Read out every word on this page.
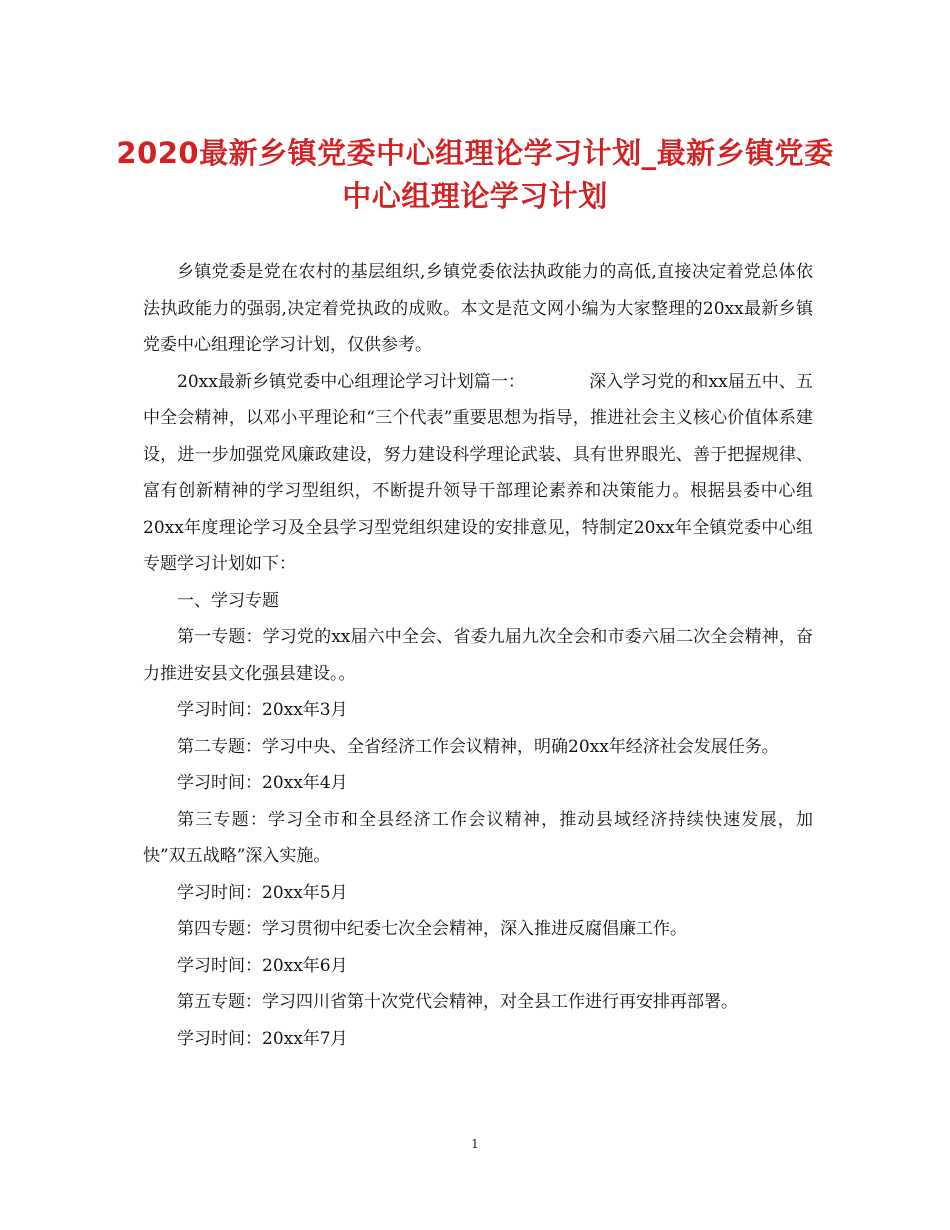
2020最新乡镇党委中心组理论学习计划_最新乡镇党委
中心组理论学习计划

乡镇党委是党在农村的基层组织,乡镇党委依法执政能力的高低,直接决定着党总体依法执政能力的强弱,决定着党执政的成败。本文是范文网小编为大家整理的20xx最新乡镇党委中心组理论学习计划，仅供参考。

20xx最新乡镇党委中心组理论学习计划篇一：	深入学习党的和xx届五中、五中全会精神，以邓小平理论和“三个代表”重要思想为指导，推进社会主义核心价值体系建设，进一步加强党风廉政建设，努力建设科学理论武装、具有世界眼光、善于把握规律、富有创新精神的学习型组织，不断提升领导干部理论素养和决策能力。根据县委中心组20xx年度理论学习及全县学习型党组织建设的安排意见，特制定20xx年全镇党委中心组专题学习计划如下：

一、学习专题

第一专题：学习党的xx届六中全会、省委九届九次全会和市委六届二次全会精神，奋力推进安县文化强县建设。。

学习时间：20xx年3月

第二专题：学习中央、全省经济工作会议精神，明确20xx年经济社会发展任务。

学习时间：20xx年4月

第三专题：学习全市和全县经济工作会议精神，推动县域经济持续快速发展，加快”双五战略”深入实施。

学习时间：20xx年5月

第四专题：学习贯彻中纪委七次全会精神，深入推进反腐倡廉工作。

学习时间：20xx年6月

第五专题：学习四川省第十次党代会精神，对全县工作进行再安排再部署。

学习时间：20xx年7月

1
